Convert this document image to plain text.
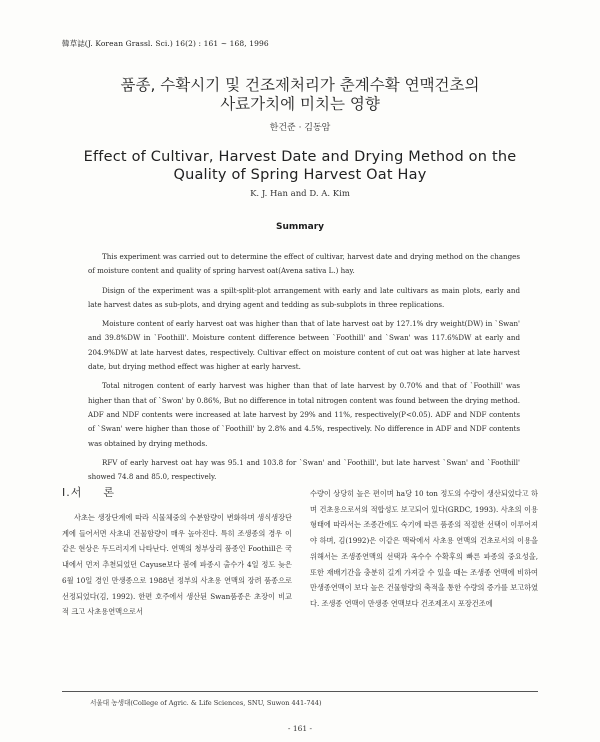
韓草誌(J. Korean Grassl. Sci.) 16(2) : 161 ~ 168, 1996
품종, 수확시기 및 건조제처리가 춘계수확 연맥건초의
사료가치에 미치는 영향
한건준 · 김동암
Effect of Cultivar, Harvest Date and Drying Method on the
Quality of Spring Harvest Oat Hay
K. J. Han and D. A. Kim
Summary

This experiment was carried out to determine the effect of cultivar, harvest date and drying method on the changes of moisture content and quality of spring harvest oat(Avena sativa L.) hay.

Disign of the experiment was a spilt-split-plot arrangement with early and late cultivars as main plots, early and late harvest dates as sub-plots, and drying agent and tedding as sub-subplots in three replications.

Moisture content of early harvest oat was higher than that of late harvest oat by 127.1% dry weight(DW) in `Swan' and 39.8%DW in `Foothill'. Moisture content difference between `Foothill' and `Swan' was 117.6%DW at early and 204.9%DW at late harvest dates, respectively. Cultivar effect on moisture content of cut oat was higher at late harvest date, but drying method effect was higher at early harvest.

Total nitrogen content of early harvest was higher than that of late harvest by 0.70% and that of `Foothill' was higher than that of `Swon' by 0.86%, But no difference in total nitrogen content was found between the drying method. ADF and NDF contents were increased at late harvest by 29% and 11%, respectively(P<0.05). ADF and NDF contents of `Swan' were higher than those of `Foothill' by 2.8% and 4.5%, respectively. No difference in ADF and NDF contents was obtained by drying methods.

RFV of early harvest oat hay was 95.1 and 103.8 for `Swan' and `Foothill', but late harvest `Swan' and `Foothill' showed 74.8 and 85.0, respectively.

I.서론

사초는 생장단계에 따라 식물체중의 수분함량이 변화하며 생식생장단계에 들어서면 사초내 건물함량이 매우 높아진다. 특히 조생종의 경우 이같은 현상은 두드러지게 나타난다. 연맥의 청부상리 품종인 Foothill은 국내에서 먼저 추천되었던 Cayuse보다 봄에 파종시 출수가 4일 정도 늦은 6월 10일 경인 만생종으로 1988년 정부의 사초용 연맥의 장려 품종으로 선정되었다(김, 1992). 한편 호주에서 생산된 Swan품종은 초장이 비교적 크고 사초용연맥으로서

수량이 상당히 높은 편이며 ha당 10 ton 정도의 수량이 생산되었다고 하며 건초용으로서의 적합성도 보고되어 있다(GRDC, 1993). 사초의 이용형태에 따라서는 조종간에도 숙기에 따른 품종의 적절한 선택이 이루어져야 하며, 김(1992)은 이같은 맥락에서 사초용 연맥의 건초로서의 이용을 위해서는 조생종연맥의 선택과 옥수수 수확후의 빠른 파종의 중요성을, 또한 재배기간을 충분히 길게 가져갈 수 있을 때는 조생종 연맥에 비하여 만생종연맥이 보다 높은 건물함량의 축적을 통한 수량의 증가를 보고하였다. 조생종 연맥이 만생종 연맥보다 건조제조시 포장건조에

서울대 농생대(College of Agric. & Life Sciences, SNU, Suwon 441-744)
- 161 -
